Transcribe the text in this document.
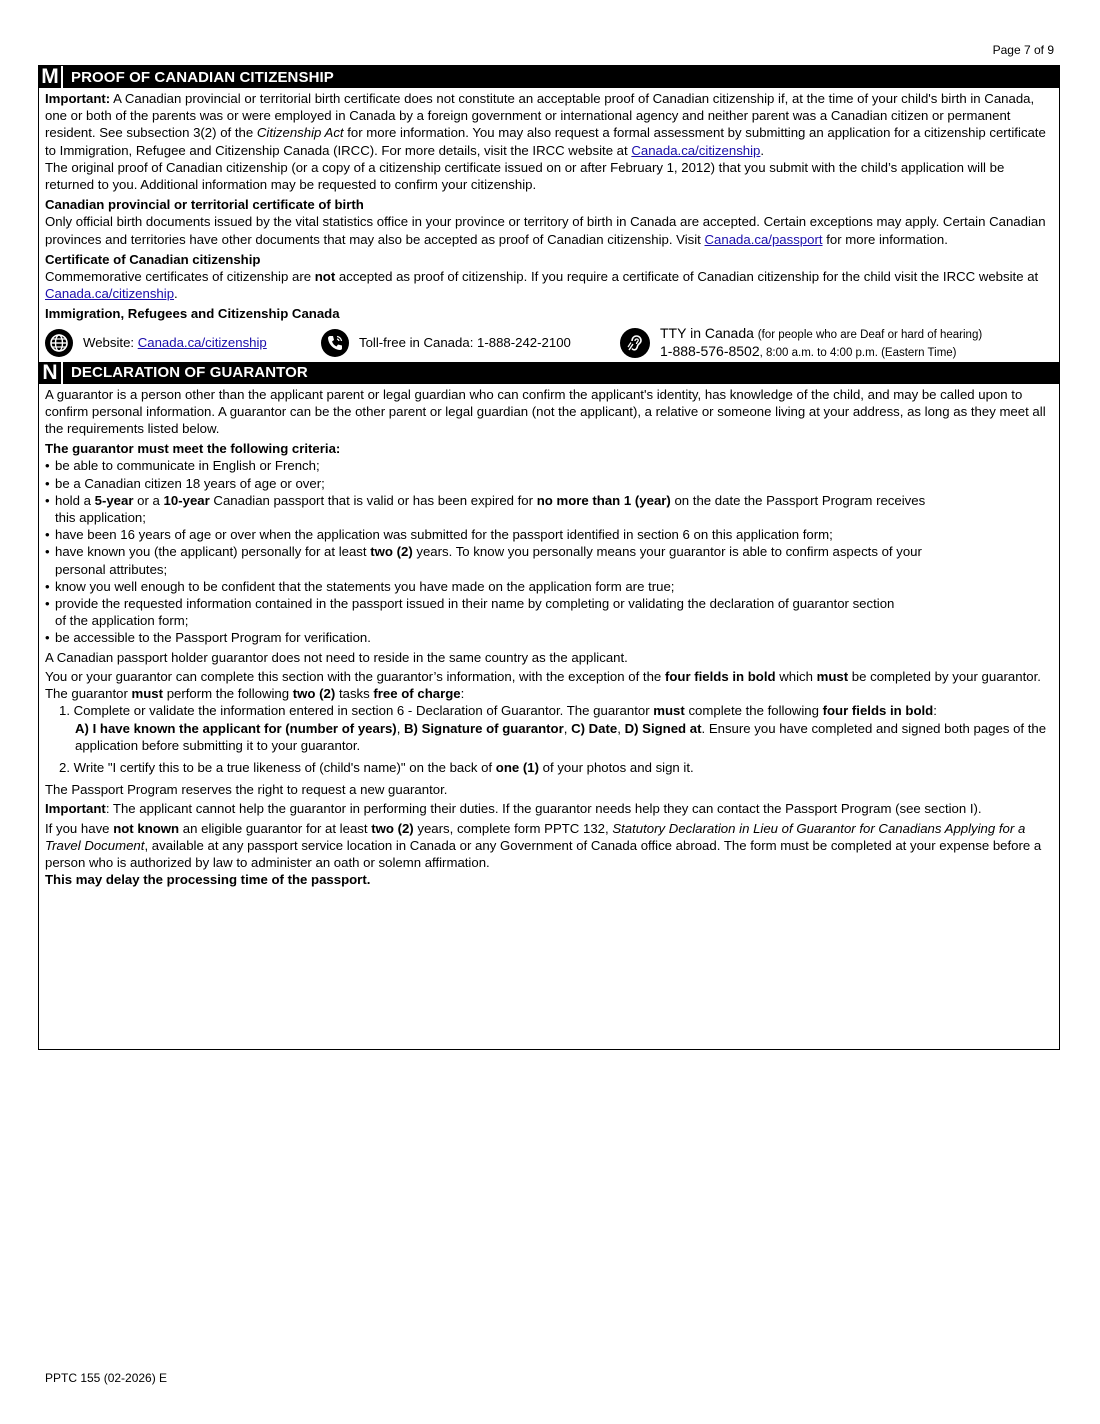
Page 7 of 9
M PROOF OF CANADIAN CITIZENSHIP

Important: A Canadian provincial or territorial birth certificate does not constitute an acceptable proof of Canadian citizenship if, at the time of your child's birth in Canada, one or both of the parents was or were employed in Canada by a foreign government or international agency and neither parent was a Canadian citizen or permanent resident. See subsection 3(2) of the Citizenship Act for more information. You may also request a formal assessment by submitting an application for a citizenship certificate to Immigration, Refugee and Citizenship Canada (IRCC). For more details, visit the IRCC website at Canada.ca/citizenship.

The original proof of Canadian citizenship (or a copy of a citizenship certificate issued on or after February 1, 2012) that you submit with the child’s application will be returned to you. Additional information may be requested to confirm your citizenship.

Canadian provincial or territorial certificate of birth

Only official birth documents issued by the vital statistics office in your province or territory of birth in Canada are accepted. Certain exceptions may apply. Certain Canadian provinces and territories have other documents that may also be accepted as proof of Canadian citizenship. Visit Canada.ca/passport for more information.

Certificate of Canadian citizenship

Commemorative certificates of citizenship are not accepted as proof of citizenship. If you require a certificate of Canadian citizenship for the child visit the IRCC website at Canada.ca/citizenship.

Immigration, Refugees and Citizenship Canada

Website: Canada.ca/citizenship	Toll-free in Canada: 1-888-242-2100
TTY in Canada (for people who are Deaf or hard of hearing)
1-888-576-8502, 8:00 a.m. to 4:00 p.m. (Eastern Time)
N DECLARATION OF GUARANTOR

A guarantor is a person other than the applicant parent or legal guardian who can confirm the applicant's identity, has knowledge of the child, and may be called upon to confirm personal information. A guarantor can be the other parent or legal guardian (not the applicant), a relative or someone living at your address, as long as they meet all the requirements listed below.

The guarantor must meet the following criteria:

• be able to communicate in English or French;

• be a Canadian citizen 18 years of age or over;

• hold a 5-year or a 10-year Canadian passport that is valid or has been expired for no more than 1 (year) on the date the Passport Program receives
this application;

• have been 16 years of age or over when the application was submitted for the passport identified in section 6 on this application form;

• have known you (the applicant) personally for at least two (2) years. To know you personally means your guarantor is able to confirm aspects of your
personal attributes;

• know you well enough to be confident that the statements you have made on the application form are true;

• provide the requested information contained in the passport issued in their name by completing or validating the declaration of guarantor section
of the application form;

• be accessible to the Passport Program for verification.

A Canadian passport holder guarantor does not need to reside in the same country as the applicant.

You or your guarantor can complete this section with the guarantor’s information, with the exception of the four fields in bold which must be completed by your guarantor.

The guarantor must perform the following two (2) tasks free of charge:

1. Complete or validate the information entered in section 6 - Declaration of Guarantor. The guarantor must complete the following four fields in bold:

A) I have known the applicant for (number of years), B) Signature of guarantor, C) Date, D) Signed at. Ensure you have completed and signed both pages of the application before submitting it to your guarantor.

2. Write "I certify this to be a true likeness of (child's name)" on the back of one (1) of your photos and sign it.

The Passport Program reserves the right to request a new guarantor.

Important: The applicant cannot help the guarantor in performing their duties. If the guarantor needs help they can contact the Passport Program (see section I).

If you have not known an eligible guarantor for at least two (2) years, complete form PPTC 132, Statutory Declaration in Lieu of Guarantor for Canadians Applying for a Travel Document, available at any passport service location in Canada or any Government of Canada office abroad. The form must be completed at your expense before a person who is authorized by law to administer an oath or solemn affirmation.

This may delay the processing time of the passport.

PPTC 155 (02-2026) E
